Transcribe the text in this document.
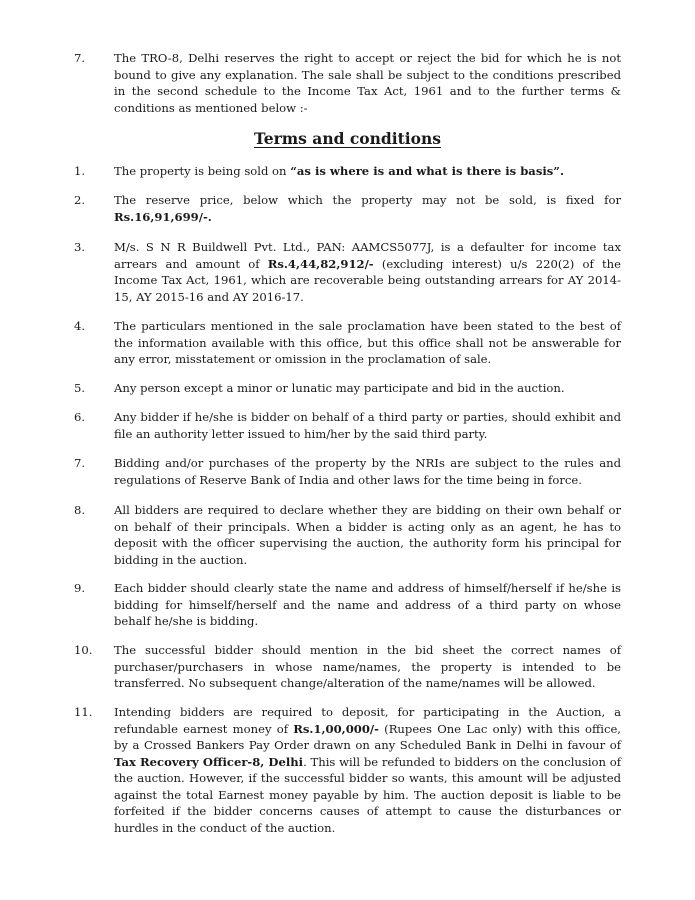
7. The TRO-8, Delhi reserves the right to accept or reject the bid for which he is not bound to give any explanation. The sale shall be subject to the conditions prescribed in the second schedule to the Income Tax Act, 1961 and to the further terms & conditions as mentioned below :-
Terms and conditions
1. The property is being sold on “as is where is and what is there is basis”.
2. The reserve price, below which the property may not be sold, is fixed for Rs.16,91,699/-.
3. M/s. S N R Buildwell Pvt. Ltd., PAN: AAMCS5077J, is a defaulter for income tax arrears and amount of Rs.4,44,82,912/- (excluding interest) u/s 220(2) of the Income Tax Act, 1961, which are recoverable being outstanding arrears for AY 2014-15, AY 2015-16 and AY 2016-17.
4. The particulars mentioned in the sale proclamation have been stated to the best of the information available with this office, but this office shall not be answerable for any error, misstatement or omission in the proclamation of sale.
5. Any person except a minor or lunatic may participate and bid in the auction.
6. Any bidder if he/she is bidder on behalf of a third party or parties, should exhibit and file an authority letter issued to him/her by the said third party.
7. Bidding and/or purchases of the property by the NRIs are subject to the rules and regulations of Reserve Bank of India and other laws for the time being in force.
8. All bidders are required to declare whether they are bidding on their own behalf or on behalf of their principals. When a bidder is acting only as an agent, he has to deposit with the officer supervising the auction, the authority form his principal for bidding in the auction.
9. Each bidder should clearly state the name and address of himself/herself if he/she is bidding for himself/herself and the name and address of a third party on whose behalf he/she is bidding.
10. The successful bidder should mention in the bid sheet the correct names of purchaser/purchasers in whose name/names, the property is intended to be transferred. No subsequent change/alteration of the name/names will be allowed.
11. Intending bidders are required to deposit, for participating in the Auction, a refundable earnest money of Rs.1,00,000/- (Rupees One Lac only) with this office, by a Crossed Bankers Pay Order drawn on any Scheduled Bank in Delhi in favour of Tax Recovery Officer-8, Delhi. This will be refunded to bidders on the conclusion of the auction. However, if the successful bidder so wants, this amount will be adjusted against the total Earnest money payable by him. The auction deposit is liable to be forfeited if the bidder concerns causes of attempt to cause the disturbances or hurdles in the conduct of the auction.
